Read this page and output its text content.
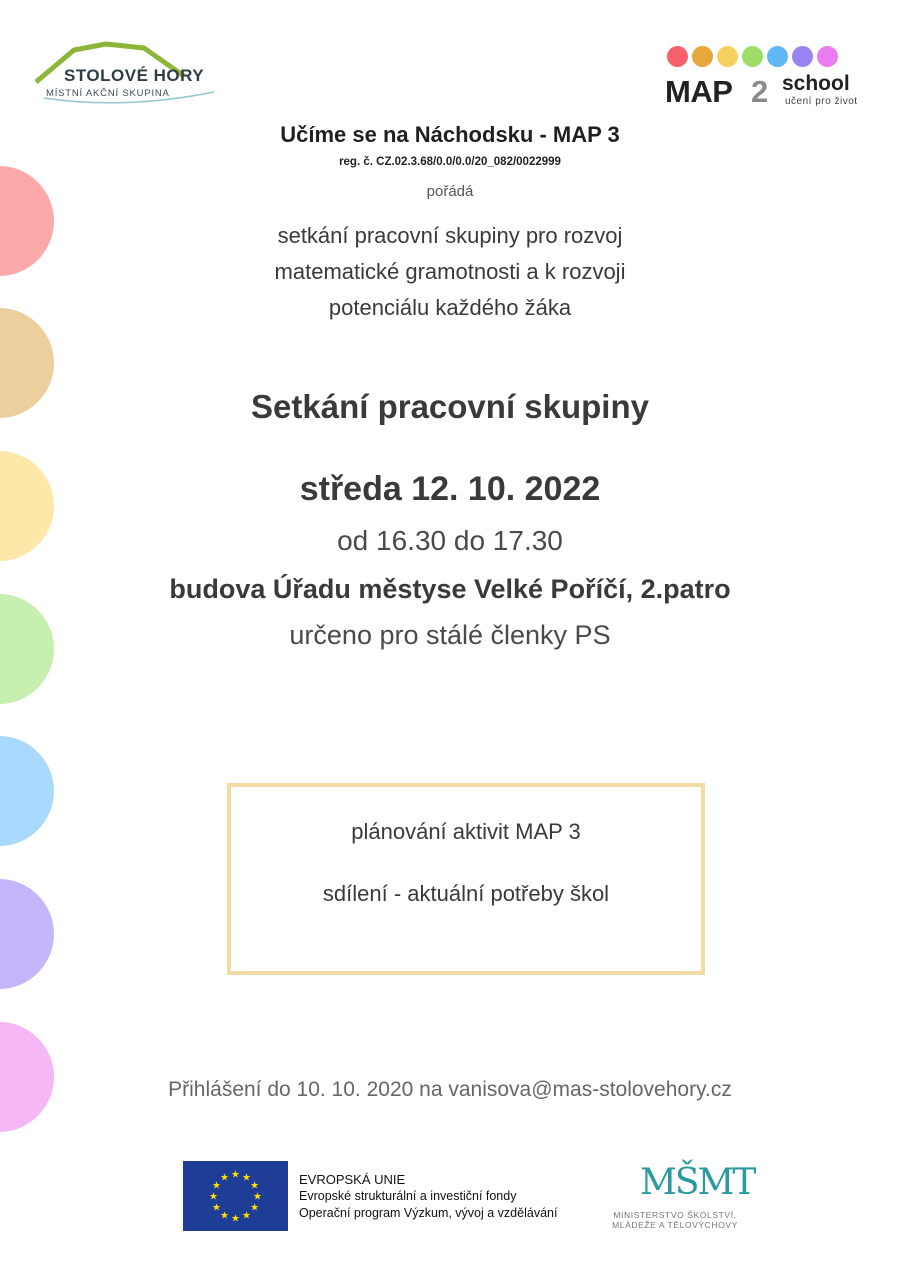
STOLOVÉ HORY
MÍSTNÍ AKČNÍ SKUPINA	MAP 2 school
učení pro život
Učíme se na Náchodsku - MAP 3
reg. č. CZ.02.3.68/0.0/0.0/20_082/0022999
pořádá
setkání pracovní skupiny pro rozvoj
matematické gramotnosti a k rozvoji
potenciálu každého žáka
Setkání pracovní skupiny
středa 12. 10. 2022
od 16.30 do 17.30
budova Úřadu městyse Velké Poříčí, 2.patro
určeno pro stálé členky PS
plánování aktivit MAP 3
sdílení - aktuální potřeby škol
Přihlášení do 10. 10. 2020 na vanisova@mas-stolovehory.cz
★ ★
★
★
★
★
★
★
★
★
★
★	EVROPSKÁ UNIE
Evropské strukturální a investiční fondy
Operační program Výzkum, vývoj a vzdělávání
MŠMT
MINISTERSTVO ŠKOLSTVÍ,
MLÁDEŽE A TĚLOVÝCHOVY
